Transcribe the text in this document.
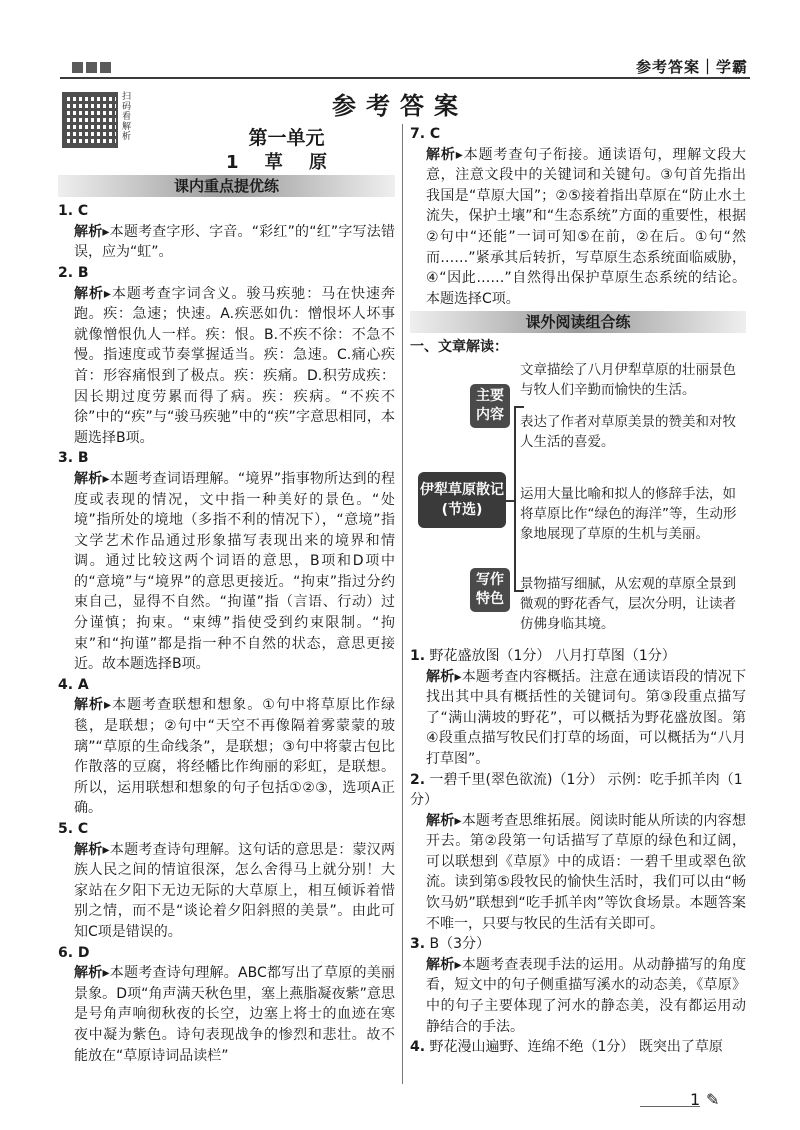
参考答案｜学霸
扫码看解析
参考答案
第一单元
1 草 原
课内重点提优练
1. C
解析▸本题考查字形、字音。“彩红”的“红”字写法错误，应为“虹”。
2. B
解析▸本题考查字词含义。骏马疾驰：马在快速奔跑。疾：急速；快速。A.疾恶如仇：憎恨坏人坏事就像憎恨仇人一样。疾：恨。B.不疾不徐：不急不慢。指速度或节奏掌握适当。疾：急速。C.痛心疾首：形容痛恨到了极点。疾：疾痛。D.积劳成疾：因长期过度劳累而得了病。疾：疾病。“不疾不徐”中的“疾”与“骏马疾驰”中的“疾”字意思相同，本题选择B项。
3. B
解析▸本题考查词语理解。“境界”指事物所达到的程度或表现的情况，文中指一种美好的景色。“处境”指所处的境地（多指不利的情况下），“意境”指文学艺术作品通过形象描写表现出来的境界和情调。通过比较这两个词语的意思，B项和D项中的“意境”与“境界”的意思更接近。“拘束”指过分约束自己，显得不自然。“拘谨”指（言语、行动）过分谨慎；拘束。“束缚”指使受到约束限制。“拘束”和“拘谨”都是指一种不自然的状态，意思更接近。故本题选择B项。
4. A
解析▸本题考查联想和想象。①句中将草原比作绿毯，是联想；②句中“天空不再像隔着雾蒙蒙的玻璃”“草原的生命线条”，是联想；③句中将蒙古包比作散落的豆腐，将经幡比作绚丽的彩虹，是联想。所以，运用联想和想象的句子包括①②③，选项A正确。
5. C
解析▸本题考查诗句理解。这句话的意思是：蒙汉两族人民之间的情谊很深，怎么舍得马上就分别！大家站在夕阳下无边无际的大草原上，相互倾诉着惜别之情，而不是“谈论着夕阳斜照的美景”。由此可知C项是错误的。
6. D
解析▸本题考查诗句理解。ABC都写出了草原的美丽景象。D项“角声满天秋色里，塞上燕脂凝夜紫”意思是号角声响彻秋夜的长空，边塞上将士的血迹在寒夜中凝为紫色。诗句表现战争的惨烈和悲壮。故不能放在“草原诗词品读栏”
7. C
解析▸本题考查句子衔接。通读语句，理解文段大意，注意文段中的关键词和关键句。③句首先指出我国是“草原大国”；②⑤接着指出草原在“防止水土流失，保护土壤”和“生态系统”方面的重要性，根据②句中“还能”一词可知⑤在前，②在后。①句“然而……”紧承其后转折，写草原生态系统面临威胁，④“因此……”自然得出保护草原生态系统的结论。本题选择C项。
课外阅读组合练
一、文章解读：
伊犁草原散记(节选)
主要内容
写作特色
文章描绘了八月伊犁草原的壮丽景色与牧人们辛勤而愉快的生活。
表达了作者对草原美景的赞美和对牧人生活的喜爱。
运用大量比喻和拟人的修辞手法，如将草原比作“绿色的海洋”等，生动形象地展现了草原的生机与美丽。
景物描写细腻，从宏观的草原全景到微观的野花香气，层次分明，让读者仿佛身临其境。
1. 野花盛放图（1分） 八月打草图（1分）
解析▸本题考查内容概括。注意在通读语段的情况下找出其中具有概括性的关键词句。第③段重点描写了“满山满坡的野花”，可以概括为野花盛放图。第④段重点描写牧民们打草的场面，可以概括为“八月打草图”。
2. 一碧千里(翠色欲流)（1分） 示例：吃手抓羊肉（1分）
解析▸本题考查思维拓展。阅读时能从所读的内容想开去。第②段第一句话描写了草原的绿色和辽阔，可以联想到《草原》中的成语：一碧千里或翠色欲流。读到第⑤段牧民的愉快生活时，我们可以由“畅饮马奶”联想到“吃手抓羊肉”等饮食场景。本题答案不唯一，只要与牧民的生活有关即可。
3. B（3分）
解析▸本题考查表现手法的运用。从动静描写的角度看，短文中的句子侧重描写溪水的动态美，《草原》中的句子主要体现了河水的静态美，没有都运用动静结合的手法。
4. 野花漫山遍野、连绵不绝（1分） 既突出了草原
1 ✎
